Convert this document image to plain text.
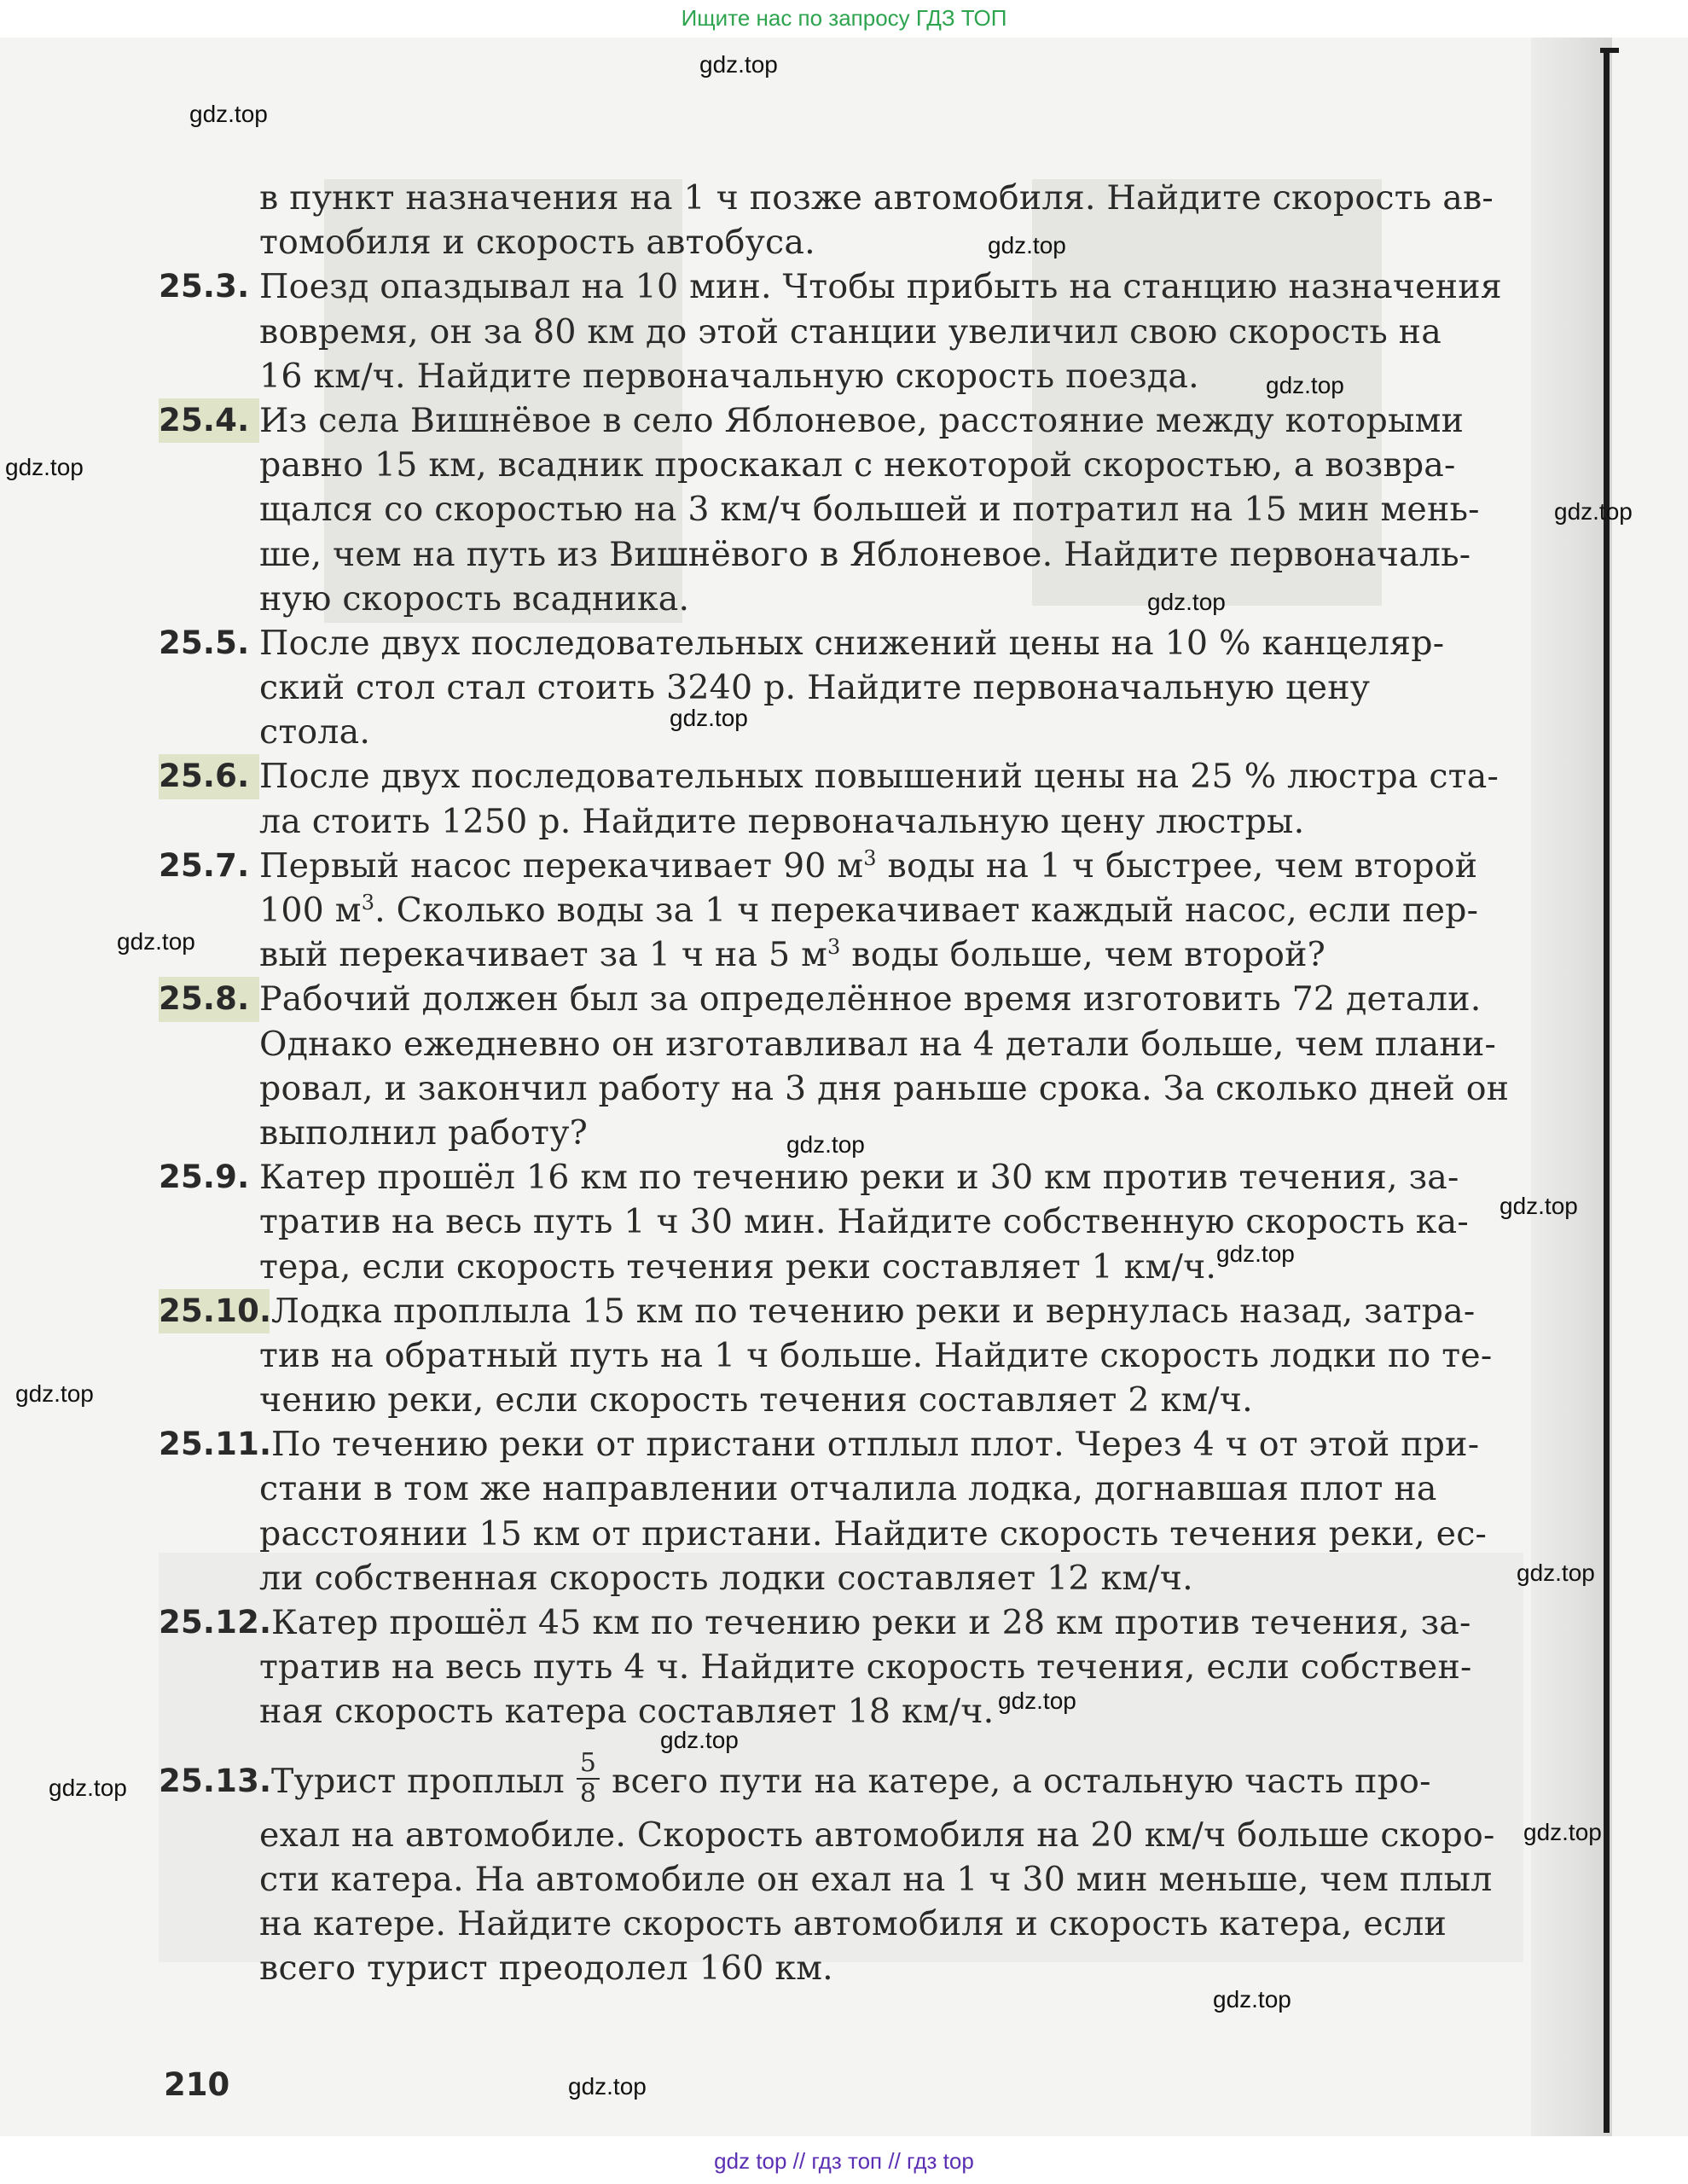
Ищите нас по запросу ГДЗ ТОП
в пункт назначения на 1 ч позже автомобиля. Найдите скорость ав-
томобиля и скорость автобуса.
25.3. Поезд опаздывал на 10 мин. Чтобы прибыть на станцию назначения
вовремя, он за 80 км до этой станции увеличил свою скорость на
16 км/ч. Найдите первоначальную скорость поезда.
25.4. Из села Вишнёвое в село Яблоневое, расстояние между которыми
равно 15 км, всадник проскакал с некоторой скоростью, а возвра-
щался со скоростью на 3 км/ч большей и потратил на 15 мин мень-
ше, чем на путь из Вишнёвого в Яблоневое. Найдите первоначаль-
ную скорость всадника.
25.5. После двух последовательных снижений цены на 10 % канцеляр-
ский стол стал стоить 3240 р. Найдите первоначальную цену
стола.
25.6. После двух последовательных повышений цены на 25 % люстра ста-
ла стоить 1250 р. Найдите первоначальную цену люстры.
25.7. Первый насос перекачивает 90 $м^3$ воды на 1 ч быстрее, чем второй
100 $м^3$. Сколько воды за 1 ч перекачивает каждый насос, если пер-
вый перекачивает за 1 ч на 5 $м^3$ воды больше, чем второй?
25.8. Рабочий должен был за определённое время изготовить 72 детали.
Однако ежедневно он изготавливал на 4 детали больше, чем плани-
ровал, и закончил работу на 3 дня раньше срока. За сколько дней он
выполнил работу?
25.9. Катер прошёл 16 км по течению реки и 30 км против течения, за-
тратив на весь путь 1 ч 30 мин. Найдите собственную скорость ка-
тера, если скорость течения реки составляет 1 км/ч.
25.10. Лодка проплыла 15 км по течению реки и вернулась назад, затра-
тив на обратный путь на 1 ч больше. Найдите скорость лодки по те-
чению реки, если скорость течения составляет 2 км/ч.
25.11. По течению реки от пристани отплыл плот. Через 4 ч от этой при-
стани в том же направлении отчалила лодка, догнавшая плот на
расстоянии 15 км от пристани. Найдите скорость течения реки, ес-
ли собственная скорость лодки составляет 12 км/ч.
25.12. Катер прошёл 45 км по течению реки и 28 км против течения, за-
тратив на весь путь 4 ч. Найдите скорость течения, если собствен-
ная скорость катера составляет 18 км/ч.
25.13. Турист проплыл $\frac{5}{8}$ всего пути на катере, а остальную часть про-
ехал на автомобиле. Скорость автомобиля на 20 км/ч больше скоро-
сти катера. На автомобиле он ехал на 1 ч 30 мин меньше, чем плыл
на катере. Найдите скорость автомобиля и скорость катера, если
всего турист преодолел 160 км.
210
gdz.top
gdz.top
gdz.top
gdz.top
gdz.top
gdz.top
gdz.top
gdz.top
gdz.top
gdz.top
gdz.top
gdz.top
gdz.top
gdz.top
gdz.top
gdz.top
gdz.top
gdz.top
gdz.top
gdz.top
gdz top // гдз топ // гдз top
